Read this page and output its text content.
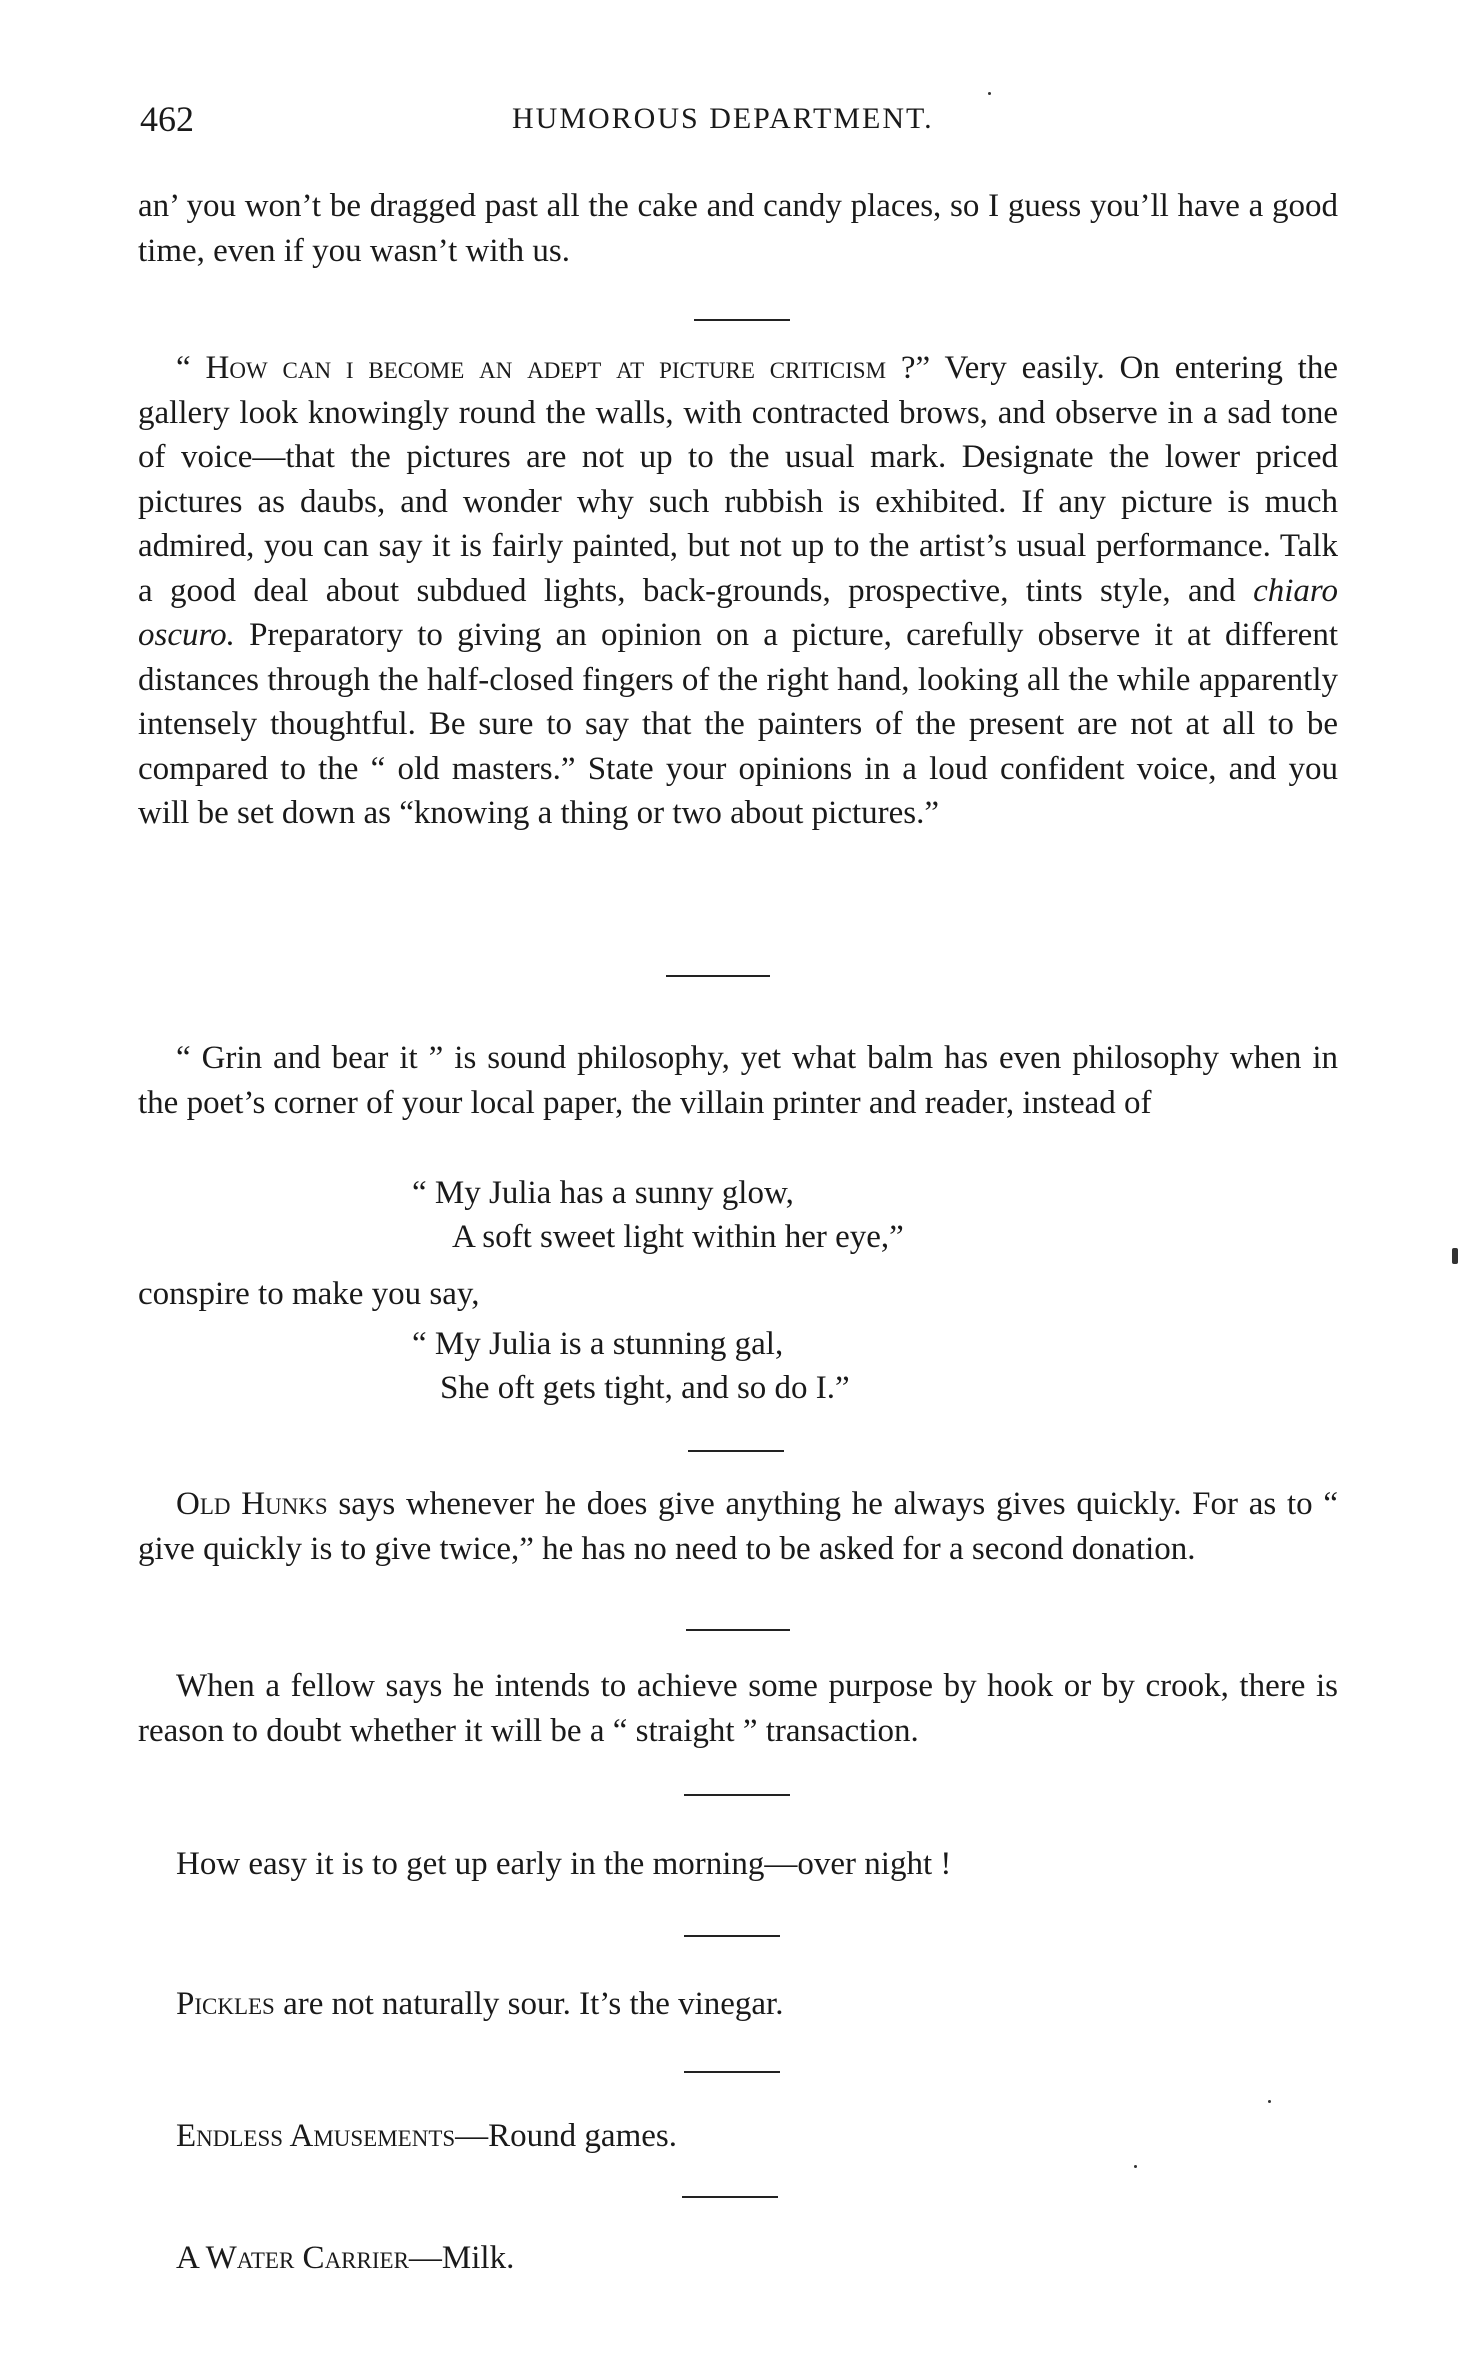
462	HUMOROUS DEPARTMENT.
an’ you won’t be dragged past all the cake and candy places, so I guess you’ll have a good time, even if you wasn’t with us.
“ How can i become an adept at picture criticism ?” Very easily. On entering the gallery look knowingly round the walls, with contracted brows, and observe in a sad tone of voice—that the pictures are not up to the usual mark. Designate the lower priced pictures as daubs, and wonder why such rubbish is exhibited. If any picture is much admired, you can say it is fairly painted, but not up to the artist’s usual performance. Talk a good deal about subdued lights, back-grounds, prospective, tints style, and chiaro oscuro. Preparatory to giving an opinion on a picture, carefully observe it at different distances through the half-closed fingers of the right hand, looking all the while apparently intensely thoughtful. Be sure to say that the painters of the present are not at all to be compared to the “ old masters.” State your opinions in a loud confident voice, and you will be set down as “knowing a thing or two about pictures.”
“ Grin and bear it ” is sound philosophy, yet what balm has even philosophy when in the poet’s corner of your local paper, the villain printer and reader, instead of
“ My Julia has a sunny glow,
A soft sweet light within her eye,”
conspire to make you say,
“ My Julia is a stunning gal,
She oft gets tight, and so do I.”
Old Hunks says whenever he does give anything he always gives quickly. For as to “ give quickly is to give twice,” he has no need to be asked for a second donation.
When a fellow says he intends to achieve some purpose by hook or by crook, there is reason to doubt whether it will be a “ straight ” transaction.
How easy it is to get up early in the morning—over night !
Pickles are not naturally sour. It’s the vinegar.
Endless Amusements—Round games.
A Water Carrier—Milk.
